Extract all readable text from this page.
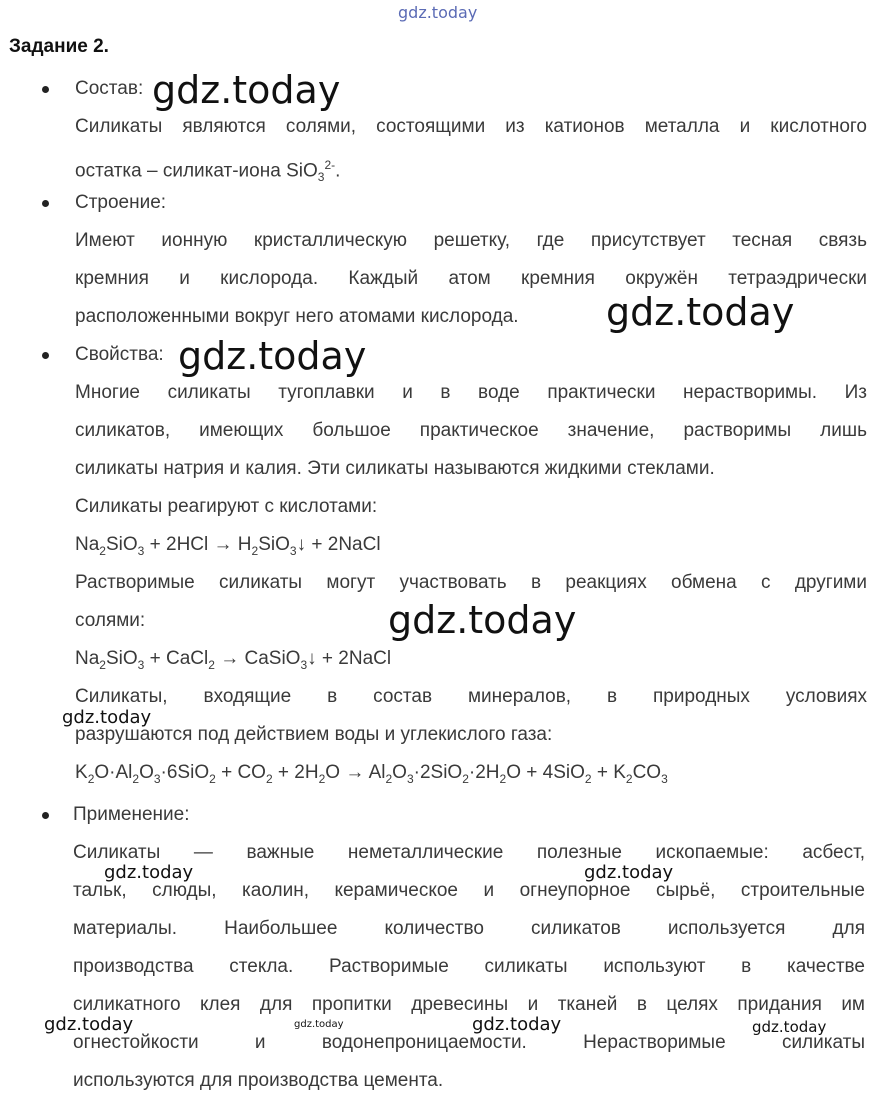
gdz.today
Задание 2.
Состав: gdz.today
Силикаты являются солями, состоящими из катионов металла и кислотного
остатка – силикат-иона SiO$_3^{2-}$.
Строение:
Имеют ионную кристаллическую решетку, где присутствует тесная связь
кремния и кислорода. Каждый атом кремния окружён тетраэдрически
расположенными вокруг него атомами кислорода.	gdz.today
Свойства: gdz.today
Многие силикаты тугоплавки и в воде практически нерастворимы. Из
силикатов, имеющих большое практическое значение, растворимы лишь
силикаты натрия и калия. Эти силикаты называются жидкими стеклами.
Силикаты реагируют с кислотами:
$Na_2SiO_3 + 2HCl$ → $H_2SiO_3↓$ + 2NaCl
Растворимые силикаты могут участвовать в реакциях обмена с другими
солями:	gdz.today
$Na_2SiO_3$ + CaCl$_2$ → CaSiO$_3$↓ + 2NaCl
Силикаты, входящие в состав минералов, в природных условиях
gdz.today
разрушаются под действием воды и углекислого газа:
$K_2O\cdot Al_2O_3\cdot 6SiO_2 + CO_2 + 2H_2O \to Al_2O_3\cdot 2SiO_2\cdot 2H_2O + 4SiO_2 + K_2CO_3$
Применение:
Силикаты — важные неметаллические полезные ископаемые: асбест,
gdz.today	gdz.today
тальк, слюды, каолин, керамическое и огнеупорное сырьё, строительные
материалы. Наибольшее количество силикатов используется для
производства стекла. Растворимые силикаты используют в качестве
силикатного клея для пропитки древесины и тканей в целях придания им
gdz.today	gdz.today	gdz.today	gdz.today
огнестойкости и водонепроницаемости. Нерастворимые силикаты
используются для производства цемента.
